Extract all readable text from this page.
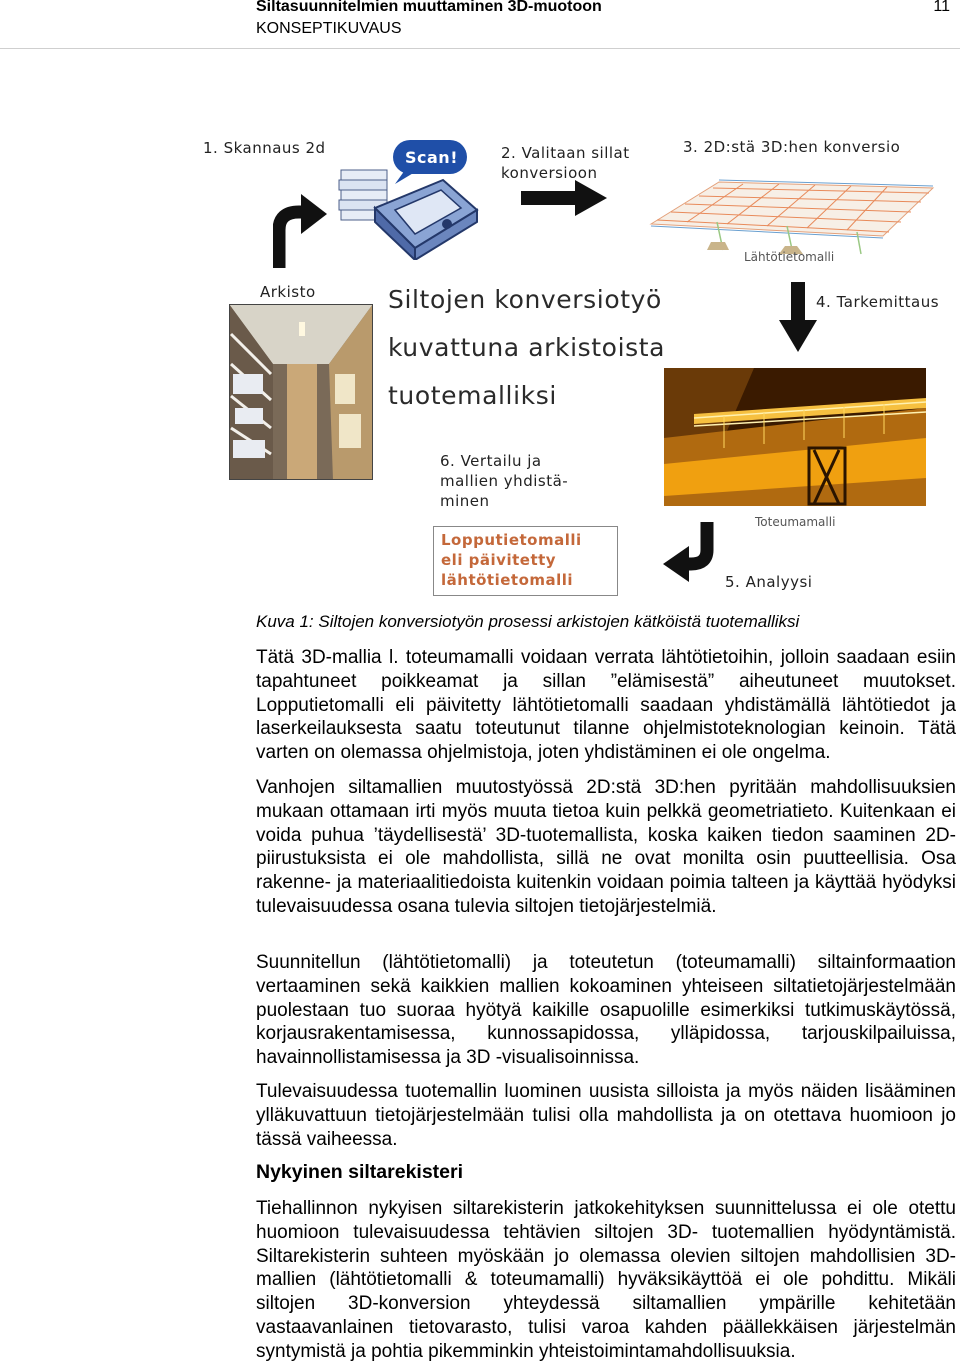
Siltasuunnitelmien muuttaminen 3D-muotoon
KONSEPTIKUVAUS
11
1. Skannaus 2d	Scan!	2. Valitaan sillat
konversioon
3. 2D:stä 3D:hen konversio
Lähtötietomalli
Arkisto	Siltojen konversiotyö
kuvattuna arkistoista
tuotemalliksi
4. Tarkemittaus
6. Vertailu ja
mallien yhdistä-
minen
Lopputietomalli
eli päivitetty
lähtötietomalli
Toteumamalli
5. Analyysi
Kuva 1: Siltojen konversiotyön prosessi arkistojen kätköistä tuotemalliksi

Tätä 3D-mallia l. toteumamalli voidaan verrata lähtötietoihin, jolloin saadaan esiin tapahtuneet poikkeamat ja sillan ”elämisestä” aiheutuneet muutokset. Lopputietomalli eli päivitetty lähtötietomalli saadaan yhdistämällä lähtötiedot ja laserkeilauksesta saatu toteutunut tilanne ohjelmistoteknologian keinoin. Tätä varten on olemassa ohjelmistoja, joten yhdistäminen ei ole ongelma.

Vanhojen siltamallien muutostyössä 2D:stä 3D:hen pyritään mahdollisuuksien mukaan ottamaan irti myös muuta tietoa kuin pelkkä geometriatieto. Kuitenkaan ei voida puhua ’täydellisestä’ 3D-tuotemallista, koska kaiken tiedon saaminen 2D-piirustuksista ei ole mahdollista, sillä ne ovat monilta osin puutteellisia. Osa rakenne- ja materiaalitiedoista kuitenkin voidaan poimia talteen ja käyttää hyödyksi tulevaisuudessa osana tulevia siltojen tietojärjestelmiä.

Suunnitellun (lähtötietomalli) ja toteutetun (toteumamalli) siltainformaation vertaaminen sekä kaikkien mallien kokoaminen yhteiseen siltatietojärjestelmään puolestaan tuo suoraa hyötyä kaikille osapuolille esimerkiksi tutkimuskäytössä, korjausrakentamisessa, kunnossapidossa, ylläpidossa, tarjouskilpailuissa, havainnollistamisessa ja 3D -visualisoinnissa.

Tulevaisuudessa tuotemallin luominen uusista silloista ja myös näiden lisääminen ylläkuvattuun tietojärjestelmään tulisi olla mahdollista ja on otettava huomioon jo tässä vaiheessa.

Nykyinen siltarekisteri

Tiehallinnon nykyisen siltarekisterin jatkokehityksen suunnittelussa ei ole otettu huomioon tulevaisuudessa tehtävien siltojen 3D- tuotemallien hyödyntämistä. Siltarekisterin suhteen myöskään jo olemassa olevien siltojen mahdollisien 3D-mallien (lähtötietomalli & toteumamalli) hyväksikäyttöä ei ole pohdittu. Mikäli siltojen 3D-konversion yhteydessä siltamallien ympärille kehitetään vastaavanlainen tietovarasto, tulisi varoa kahden päällekkäisen järjestelmän syntymistä ja pohtia pikemminkin yhteistoimintamahdollisuuksia.
